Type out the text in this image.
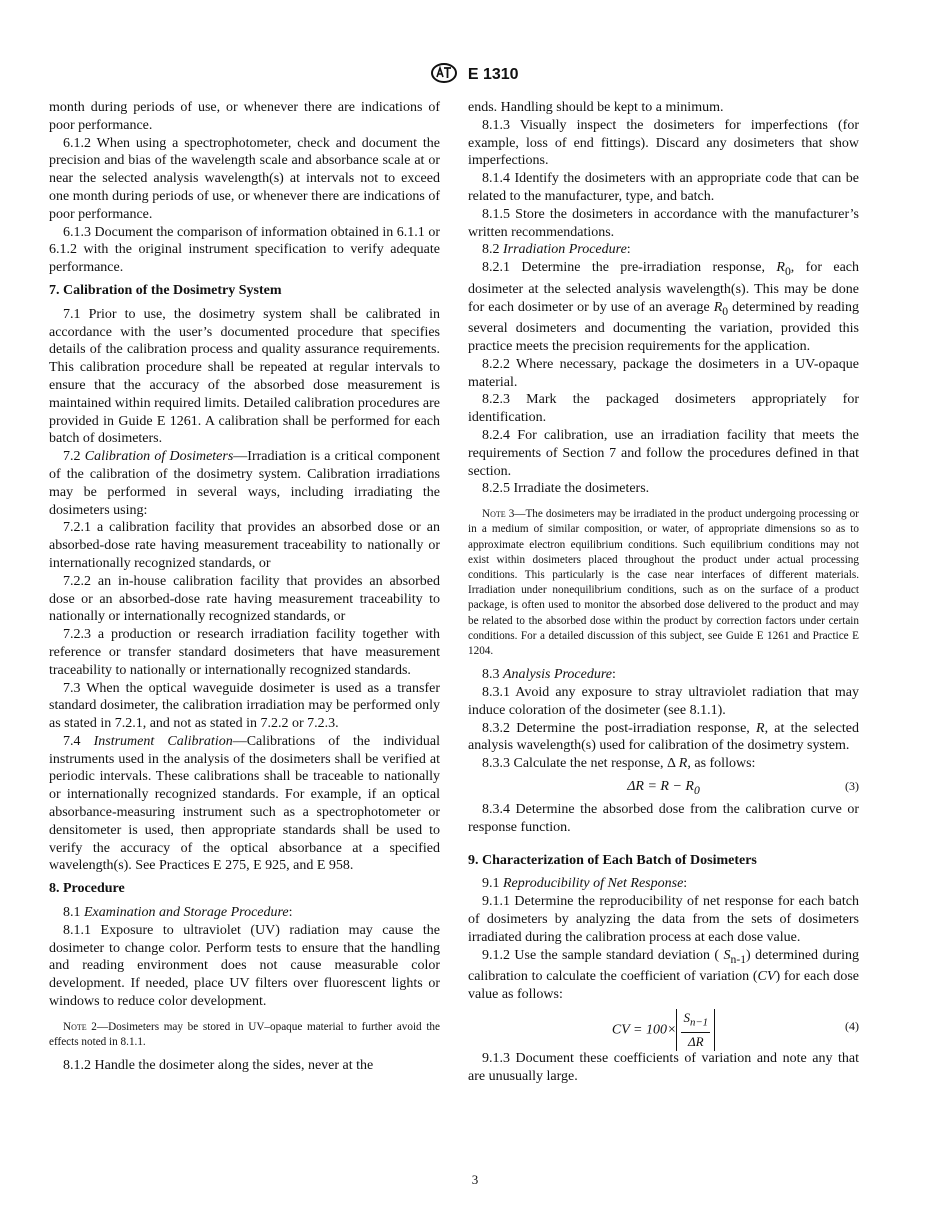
E 1310

month during periods of use, or whenever there are indications of poor performance.

6.1.2 When using a spectrophotometer, check and document the precision and bias of the wavelength scale and absorbance scale at or near the selected analysis wavelength(s) at intervals not to exceed one month during periods of use, or whenever there are indications of poor performance.

6.1.3 Document the comparison of information obtained in 6.1.1 or 6.1.2 with the original instrument specification to verify adequate performance.

7. Calibration of the Dosimetry System

7.1 Prior to use, the dosimetry system shall be calibrated in accordance with the user’s documented procedure that specifies details of the calibration process and quality assurance requirements. This calibration procedure shall be repeated at regular intervals to ensure that the accuracy of the absorbed dose measurement is maintained within required limits. Detailed calibration procedures are provided in Guide E 1261. A calibration shall be performed for each batch of dosimeters.

7.2 Calibration of Dosimeters—Irradiation is a critical component of the calibration of the dosimetry system. Calibration irradiations may be performed in several ways, including irradiating the dosimeters using:

7.2.1 a calibration facility that provides an absorbed dose or an absorbed-dose rate having measurement traceability to nationally or internationally recognized standards, or

7.2.2 an in-house calibration facility that provides an absorbed dose or an absorbed-dose rate having measurement traceability to nationally or internationally recognized standards, or

7.2.3 a production or research irradiation facility together with reference or transfer standard dosimeters that have measurement traceability to nationally or internationally recognized standards.

7.3 When the optical waveguide dosimeter is used as a transfer standard dosimeter, the calibration irradiation may be performed only as stated in 7.2.1, and not as stated in 7.2.2 or 7.2.3.

7.4 Instrument Calibration—Calibrations of the individual instruments used in the analysis of the dosimeters shall be verified at periodic intervals. These calibrations shall be traceable to nationally or internationally recognized standards. For example, if an optical absorbance-measuring instrument such as a spectrophotometer or densitometer is used, then appropriate standards shall be used to verify the accuracy of the optical absorbance at a specified wavelength(s). See Practices E 275, E 925, and E 958.

8. Procedure

8.1 Examination and Storage Procedure:

8.1.1 Exposure to ultraviolet (UV) radiation may cause the dosimeter to change color. Perform tests to ensure that the handling and reading environment does not cause measurable color development. If needed, place UV filters over fluorescent lights or windows to reduce color development.

Note 2—Dosimeters may be stored in UV–opaque material to further avoid the effects noted in 8.1.1.

8.1.2 Handle the dosimeter along the sides, never at the

ends. Handling should be kept to a minimum.

8.1.3 Visually inspect the dosimeters for imperfections (for example, loss of end fittings). Discard any dosimeters that show imperfections.

8.1.4 Identify the dosimeters with an appropriate code that can be related to the manufacturer, type, and batch.

8.1.5 Store the dosimeters in accordance with the manufacturer’s written recommendations.

8.2 Irradiation Procedure:

8.2.1 Determine the pre-irradiation response, $R_0$, for each dosimeter at the selected analysis wavelength(s). This may be done for each dosimeter or by use of an average $R_0$ determined by reading several dosimeters and documenting the variation, provided this practice meets the precision requirements for the application.

8.2.2 Where necessary, package the dosimeters in a UV-opaque material.

8.2.3 Mark the packaged dosimeters appropriately for identification.

8.2.4 For calibration, use an irradiation facility that meets the requirements of Section 7 and follow the procedures defined in that section.

8.2.5 Irradiate the dosimeters.

Note 3—The dosimeters may be irradiated in the product undergoing processing or in a medium of similar composition, or water, of appropriate dimensions so as to approximate electron equilibrium conditions. Such equilibrium conditions may not exist within dosimeters placed throughout the product under actual processing conditions. This particularly is the case near interfaces of different materials. Irradiation under nonequilibrium conditions, such as on the surface of a product package, is often used to monitor the absorbed dose delivered to the product and may be related to the absorbed dose within the product by correction factors under certain conditions. For a detailed discussion of this subject, see Guide E 1261 and Practice E 1204.

8.3 Analysis Procedure:

8.3.1 Avoid any exposure to stray ultraviolet radiation that may induce coloration of the dosimeter (see 8.1.1).

8.3.2 Determine the post-irradiation response, R, at the selected analysis wavelength(s) used for calibration of the dosimetry system.

8.3.3 Calculate the net response, Δ R, as follows:

$\Delta R = R - R_0$	(3)

8.3.4 Determine the absorbed dose from the calibration curve or response function.

9. Characterization of Each Batch of Dosimeters

9.1 Reproducibility of Net Response:

9.1.1 Determine the reproducibility of net response for each batch of dosimeters by analyzing the data from the sets of dosimeters irradiated during the calibration process at each dose value.

9.1.2 Use the sample standard deviation ( $S_{n-1}$) determined during calibration to calculate the coefficient of variation (CV) for each dose value as follows:

CV = $100\times \frac{S_{n-1}}{\Delta R}$	(4)

9.1.3 Document these coefficients of variation and note any that are unusually large.

3
